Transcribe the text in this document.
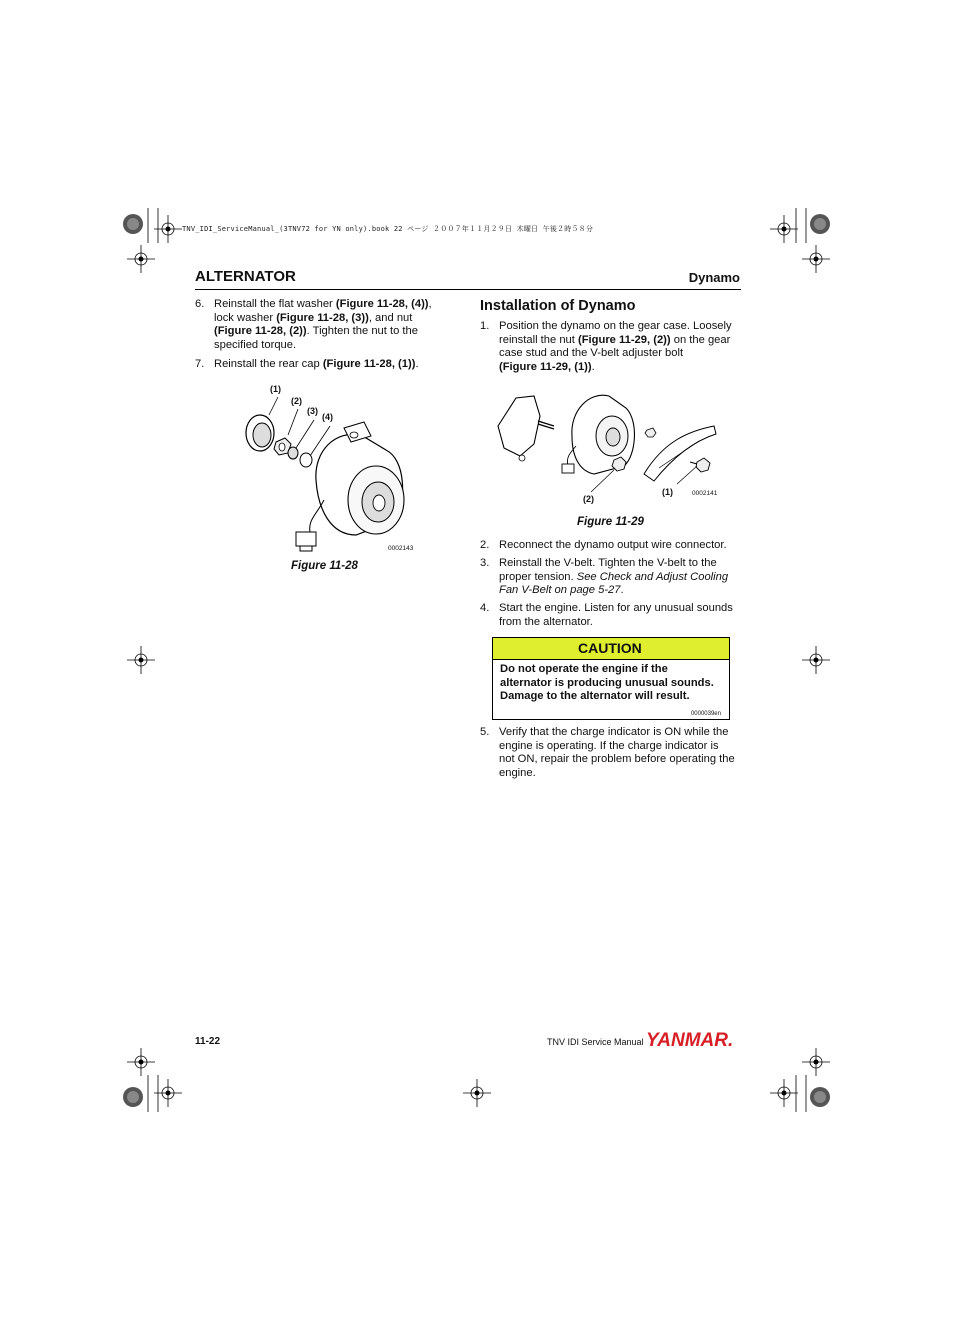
TNV_IDI_ServiceManual_(3TNV72 for YN only).book 22 ページ ２００７年１１月２９日 木曜日 午後２時５８分
ALTERNATOR	Dynamo
6. Reinstall the flat washer (Figure 11-28, (4)),
lock washer (Figure 11-28, (3)), and nut
(Figure 11-28, (2)). Tighten the nut to the
specified torque.
7. Reinstall the rear cap (Figure 11-28, (1)).
(1)
(2)
(3)
(4)
0002143
Figure 11-28
Installation of Dynamo
1. Position the dynamo on the gear case. Loosely
reinstall the nut (Figure 11-29, (2)) on the gear
case stud and the V-belt adjuster bolt
(Figure 11-29, (1)).
(2)
(1)	0002141
Figure 11-29
2. Reconnect the dynamo output wire connector.
3. Reinstall the V-belt. Tighten the V-belt to the
proper tension. See Check and Adjust Cooling
Fan V-Belt on page 5-27.
4. Start the engine. Listen for any unusual sounds
from the alternator.
CAUTION
Do not operate the engine if the
alternator is producing unusual sounds.
Damage to the alternator will result.
0000039en
5. Verify that the charge indicator is ON while the
engine is operating. If the charge indicator is
not ON, repair the problem before operating the
engine.
11-22	TNV IDI Service Manual YANMAR.
